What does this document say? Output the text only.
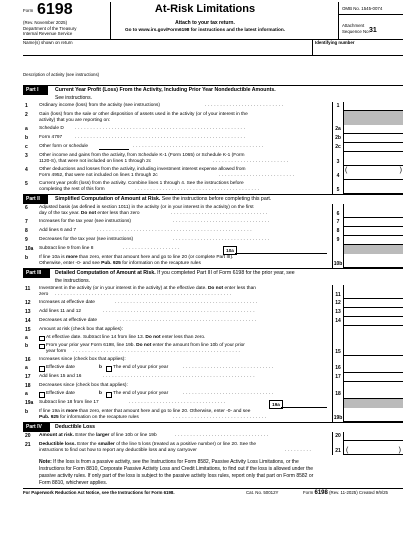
Form 6198
(Rev. November 2025)
Department of the Treasury
Internal Revenue Service
At-Risk Limitations
Attach to your tax return.
Go to www.irs.gov/Form6198 for instructions and the latest information.
OMB No. 1545-0074
Attachment
Sequence No. 31
Name(s) shown on return	Identifying number
Description of activity (see instructions)
Part I	Current Year Profit (Loss) From the Activity, Including Prior Year Nondeductible Amounts.
See instructions.
1 Ordinary income (loss) from the activity (see instructions)	. . . . . . . . . . . . . . . . . . . . . . . . . .	1
2 Gain (loss) from the sale or other disposition of assets used in the activity (or of your interest in the
activity) that you are reporting on:
a Schedule D . . . . . . . . . . . . . . . . . . . . . . . . . . . . . . . . . . . . . . . . . . . . . . . . . . . . . . . .	2a
b Form 4797	. . . . . . . . . . . . . . . . . . . . . . . . . . . . . . . . . . . . . . . . . . . . . . . . . . . . . . . .	2b
c Other form or schedule	. . . . . . . . . . . . . . . . . . . . . . . . . . . . . . . . . . . . . . . . . . .	2c
3 Other income and gains from the activity, from Schedule K-1 (Form 1065) or Schedule K-1 (Form
1120-S), that were not included on lines 1 through 2c	. . . . . . . . . . . . . . . . . . . . . . . . .	3
4 Other deductions and losses from the activity, including investment interest expense allowed from
Form 4952, that were not included on lines 1 through 2c	. . . . . . . . . . . . . . . . . . . . . . . . .	4
(	)
5 Current year profit (loss) from the activity. Combine lines 1 through 4. See the instructions before
completing the rest of this form	. . . . . . . . . . . . . . . . . . . . . . . . . . . . . . . . . . . . . . . . .	5
Part II	Simplified Computation of Amount at Risk. See the instructions before completing this part.
6 Adjusted basis (as defined in section 1011) in the activity (or in your interest in the activity) on the first
day of the tax year. Do not enter less than zero	. . . . . . . . . . . . . . . . . . . . . . . . . . . . . . . .	6
7 Increases for the tax year (see instructions)	. . . . . . . . . . . . . . . . . . . . . . . . . . . . . . . .	7
8 Add lines 6 and 7	. . . . . . . . . . . . . . . . . . . . . . . . . . . . . . . . . . . . . . . . . . . . . . . . . . .	8
9 Decreases for the tax year (see instructions)	. . . . . . . . . . . . . . . . . . . . . . . . . . . . . . . .	9
10a Subtract line 9 from line 8	. . . . . . . . . . . . . . . . . . .	10a
b If line 10a is more than zero, enter that amount here and go to line 20 (or complete Part III).
Otherwise, enter -0- and see Pub. 925 for information on the recapture rules	10b
Part III	Detailed Computation of Amount at Risk. If you completed Part III of Form 6198 for the prior year, see
the instructions.
11 Investment in the activity (or in your interest in the activity) at the effective date. Do not enter less than
zero . . . . . . . . . . . . . . . . . . . . . . . . . . . . . . . . . . . . . . . . . . . . . . . . . . . . . . . . . .	11
12 Increases at effective date	. . . . . . . . . . . . . . . . . . . . . . . . . . . . . . . . . . . . . . . . . . . . . . .	12
13 Add lines 11 and 12	. . . . . . . . . . . . . . . . . . . . . . . . . . . . . . . . . . . . . . . . . . . . . . . . . .	13
14 Decreases at effective date	. . . . . . . . . . . . . . . . . . . . . . . . . . . . . . . . . . . . . . . . . . . . . .	14
15 Amount at risk (check box that applies):
a	At effective date. Subtract line 14 from line 13. Do not enter less than zero.
b	From your prior year Form 6198, line 19b. Do not enter the amount from line 10b of your prior
year form . . . . . . . . . . . . . . . . . . . . . . . . . . . . . . . . . . . . . . . . . . . . . . . . . . . . . . .	15
16 Increases since (check box that applies):
a	Effective date	b The end of your prior year	. . . . . . . . . . . . . . . . . . . . . . . . . . . . . .	16
17 Add lines 15 and 16	. . . . . . . . . . . . . . . . . . . . . . . . . . . . . . . . . . . . . . . . . . . . . . . . . .	17
18 Decreases since (check box that applies):
a	Effective date	b The end of your prior year	. . . . . . . . . . . . . . . . . . . . . . . . . . . . . .	18
19a Subtract line 18 from line 17	. . . . . . . . . . . . . . . . . . . . . . . . . . . . . . . .	19a
b If line 19a is more than zero, enter that amount here and go to line 20. Otherwise, enter -0- and see
Pub. 925 for information on the recapture rules	. . . . . . . . . . . . . . . . . . . . . . . . . . . . . . .	19b
Part IV	Deductible Loss
20 Amount at risk. Enter the larger of line 10b or line 19b	. . . . . . . . . . . . . . . . . . . . . . . . . . . . . . .	20
21 Deductible loss. Enter the smaller of the line 5 loss (treated as a positive number) or line 20. See the
instructions to find out how to report any deductible loss and any carryover	. . . . . . . . .	21 (	)
Note: If the loss is from a passive activity, see the Instructions for Form 8582, Passive Activity Loss Limitations, or the
Instructions for Form 8810, Corporate Passive Activity Loss and Credit Limitations, to find out if the loss is allowed under the
passive activity rules. If only part of the loss is subject to the passive activity loss rules, report only that part on Form 8582 or
Form 8810, whichever applies.
For Paperwork Reduction Act Notice, see the Instructions for Form 6198.	Cat. No. 50012Y	Form 6198 (Rev. 11-2025) Created 9/9/25
